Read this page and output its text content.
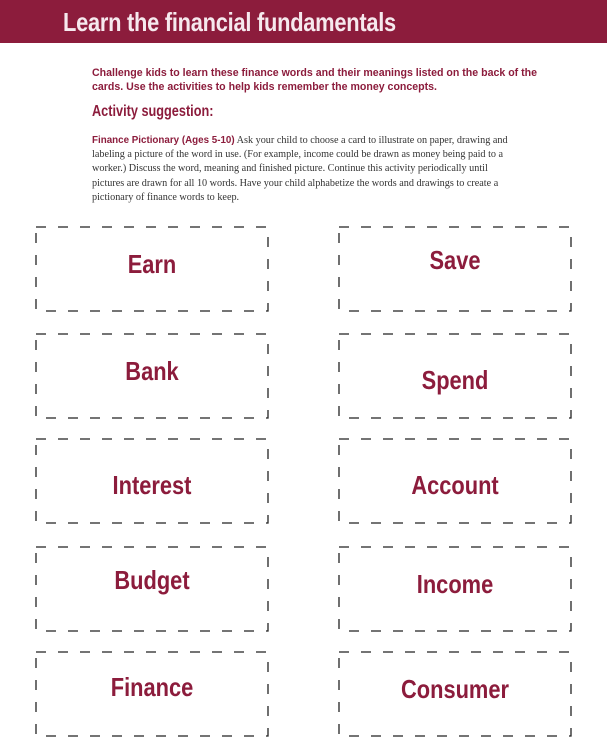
Learn the financial fundamentals

Challenge kids to learn these finance words and their meanings listed on the back of the cards. Use the activities to help kids remember the money concepts.

Activity suggestion:

Finance Pictionary (Ages 5-10) Ask your child to choose a card to illustrate on paper, drawing and labeling a picture of the word in use. (For example, income could be drawn as money being paid to a worker.) Discuss the word, meaning and finished picture. Continue this activity periodically until pictures are drawn for all 10 words. Have your child alphabetize the words and drawings to create a pictionary of finance words to keep.

Earn	Save
Bank	Spend
Interest	Account
Budget	Income
Finance	Consumer
